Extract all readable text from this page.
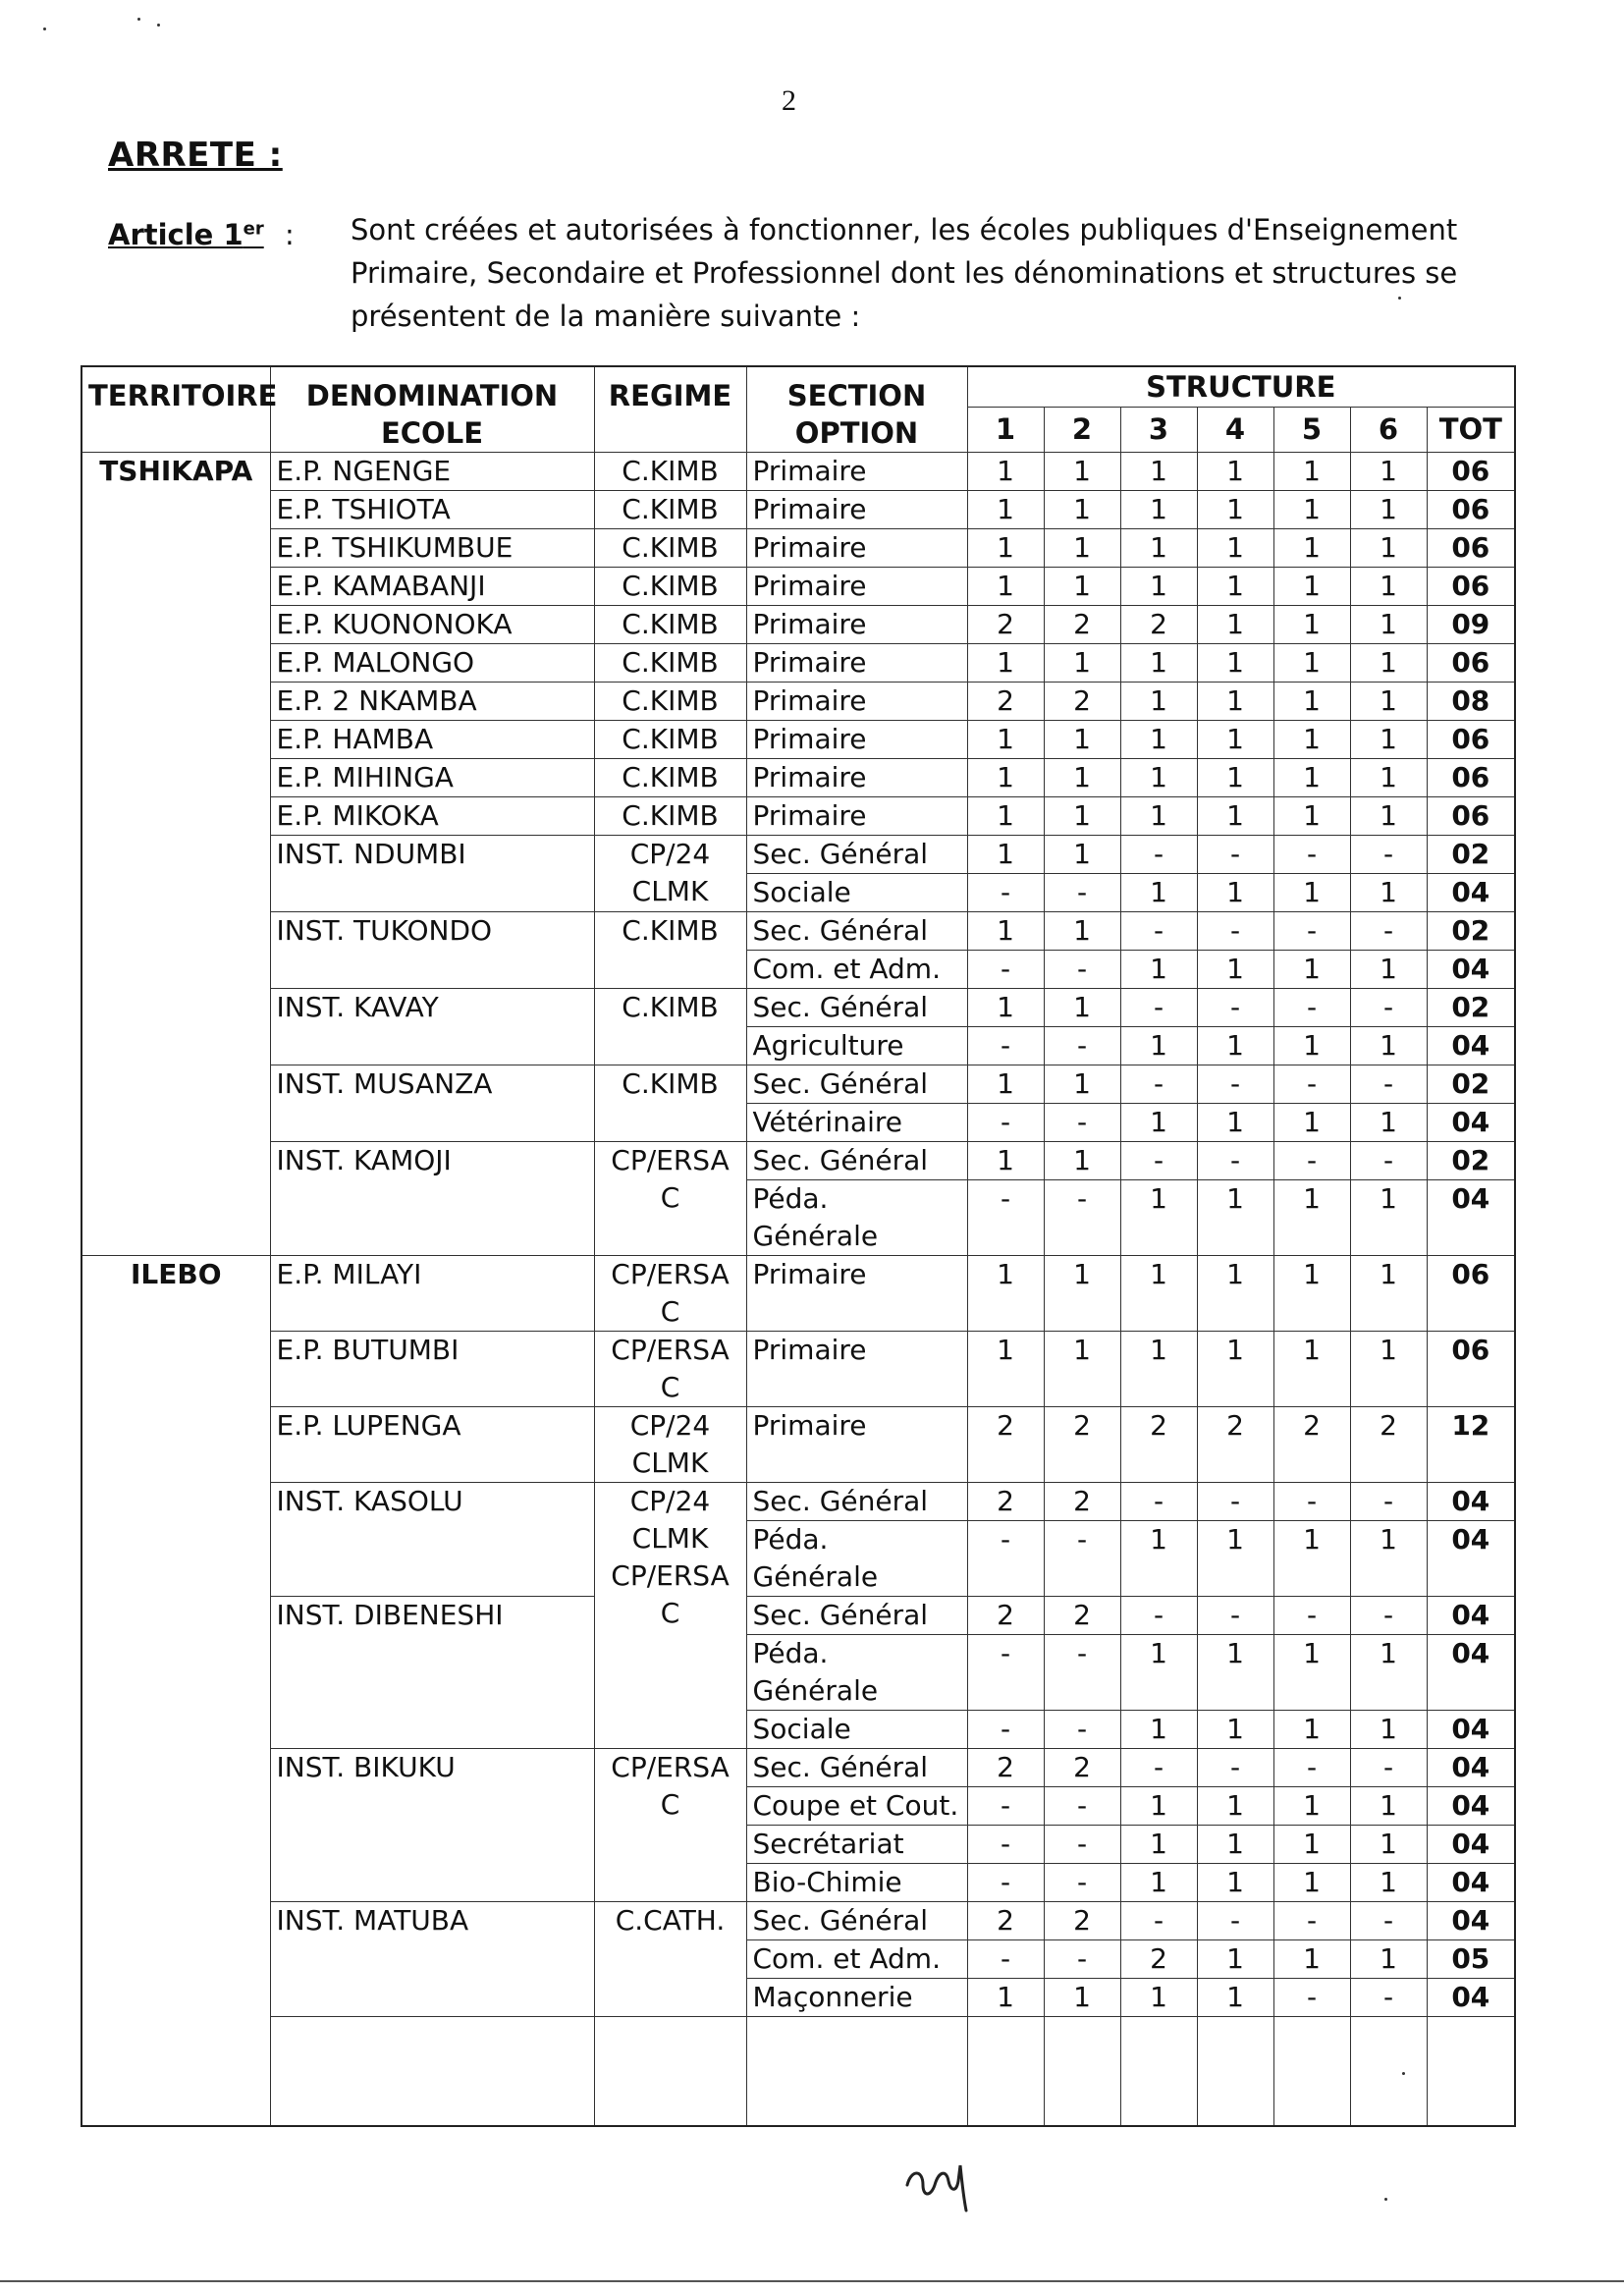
2
ARRETE :
Article 1er : Sont créées et autorisées à fonctionner, les écoles publiques d'Enseignement Primaire, Secondaire et Professionnel dont les dénominations et structures se présentent de la manière suivante :

TERRITOIRE	DENOMINATION ECOLE	REGIME	SECTION OPTION	STRUCTURE						
				1	2	3	4	5	6	TOT
TSHIKAPA	E.P. NGENGE	C.KIMB	Primaire	1	1	1	1	1	1	06
	E.P. TSHIOTA	C.KIMB	Primaire	1	1	1	1	1	1	06
	E.P. TSHIKUMBUE	C.KIMB	Primaire	1	1	1	1	1	1	06
	E.P. KAMABANJI	C.KIMB	Primaire	1	1	1	1	1	1	06
	E.P. KUONONOKA	C.KIMB	Primaire	2	2	2	1	1	1	09
	E.P. MALONGO	C.KIMB	Primaire	1	1	1	1	1	1	06
	E.P. 2 NKAMBA	C.KIMB	Primaire	2	2	1	1	1	1	08
	E.P. HAMBA	C.KIMB	Primaire	1	1	1	1	1	1	06
	E.P. MIHINGA	C.KIMB	Primaire	1	1	1	1	1	1	06
	E.P. MIKOKA	C.KIMB	Primaire	1	1	1	1	1	1	06
	INST. NDUMBI	CP/24 CLMK	Sec. Général	1	1	-	-	-	-	02
			Sociale	-	-	1	1	1	1	04
	INST. TUKONDO	C.KIMB	Sec. Général	1	1	-	-	-	-	02
			Com. et Adm.	-	-	1	1	1	1	04
	INST. KAVAY	C.KIMB	Sec. Général	1	1	-	-	-	-	02
			Agriculture	-	-	1	1	1	1	04
	INST. MUSANZA	C.KIMB	Sec. Général	1	1	-	-	-	-	02
			Vétérinaire	-	-	1	1	1	1	04
	INST. KAMOJI	CP/ERSA C	Sec. Général	1	1	-	-	-	-	02
			Péda. Générale	-	-	1	1	1	1	04
ILEBO	E.P. MILAYI	CP/ERSA C	Primaire	1	1	1	1	1	1	06
	E.P. BUTUMBI	CP/ERSA C	Primaire	1	1	1	1	1	1	06
	E.P. LUPENGA	CP/24 CLMK	Primaire	2	2	2	2	2	2	12
	INST. KASOLU	CP/24 CLMK CP/ERSA C	Sec. Général	2	2	-	-	-	-	04
			Péda. Générale	-	-	1	1	1	1	04
	INST. DIBENESHI		Sec. Général	2	2	-	-	-	-	04
			Péda. Générale	-	-	1	1	1	1	04
			Sociale	-	-	1	1	1	1	04
	INST. BIKUKU	CP/ERSA C	Sec. Général	2	2	-	-	-	-	04
			Coupe et Cout.	-	-	1	1	1	1	04
			Secrétariat	-	-	1	1	1	1	04
			Bio-Chimie	-	-	1	1	1	1	04
	INST. MATUBA	C.CATH.	Sec. Général	2	2	-	-	-	-	04
			Com. et Adm.	-	-	2	1	1	1	05
			Maçonnerie	1	1	1	1	-	-	04
